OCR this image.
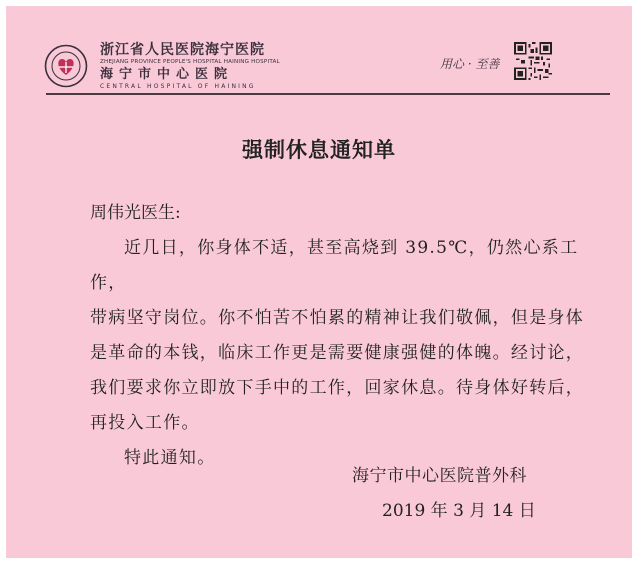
浙江省人民医院海宁医院
ZHEJIANG PROVINCE PEOPLE'S HOSPITAL HAINING HOSPITAL
海宁市中心医院
CENTRAL HOSPITAL OF HAINING
用心 · 至善
强制休息通知单
周伟光医生:
近几日，你身体不适，甚至高烧到 39.5℃，仍然心系工作，
带病坚守岗位。你不怕苦不怕累的精神让我们敬佩，但是身体
是革命的本钱，临床工作更是需要健康强健的体魄。经讨论，
我们要求你立即放下手中的工作，回家休息。待身体好转后，
再投入工作。
特此通知。
海宁市中心医院普外科
2019 年 3 月 14 日
